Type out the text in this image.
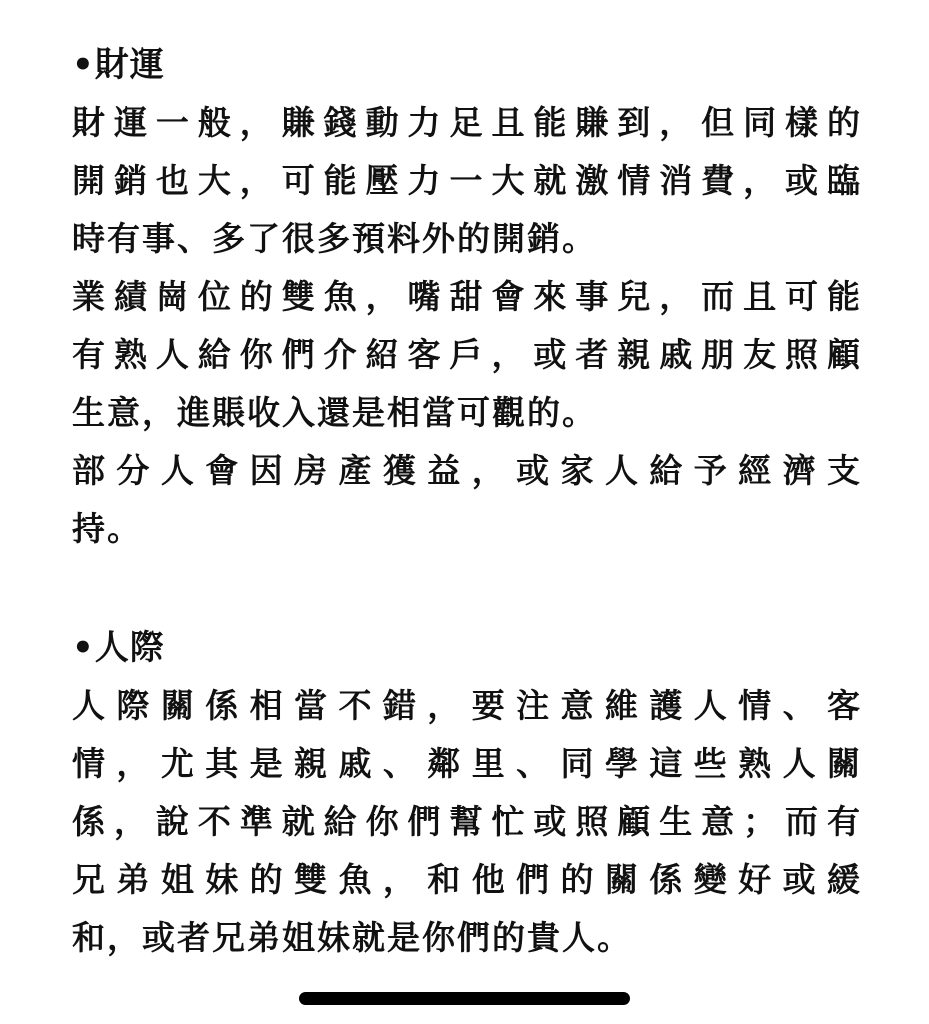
•財運
財運一般，賺錢動力足且能賺到，但同樣的
開銷也大，可能壓力一大就激情消費，或臨
時有事、多了很多預料外的開銷。
業績崗位的雙魚，嘴甜會來事兒，而且可能
有熟人給你們介紹客戶，或者親戚朋友照顧
生意，進賬收入還是相當可觀的。
部分人會因房產獲益，或家人給予經濟支
持。
•人際
人際關係相當不錯，要注意維護人情、客
情，尤其是親戚、鄰里、同學這些熟人關
係，說不準就給你們幫忙或照顧生意；而有
兄弟姐妹的雙魚，和他們的關係變好或緩
和，或者兄弟姐妹就是你們的貴人。
